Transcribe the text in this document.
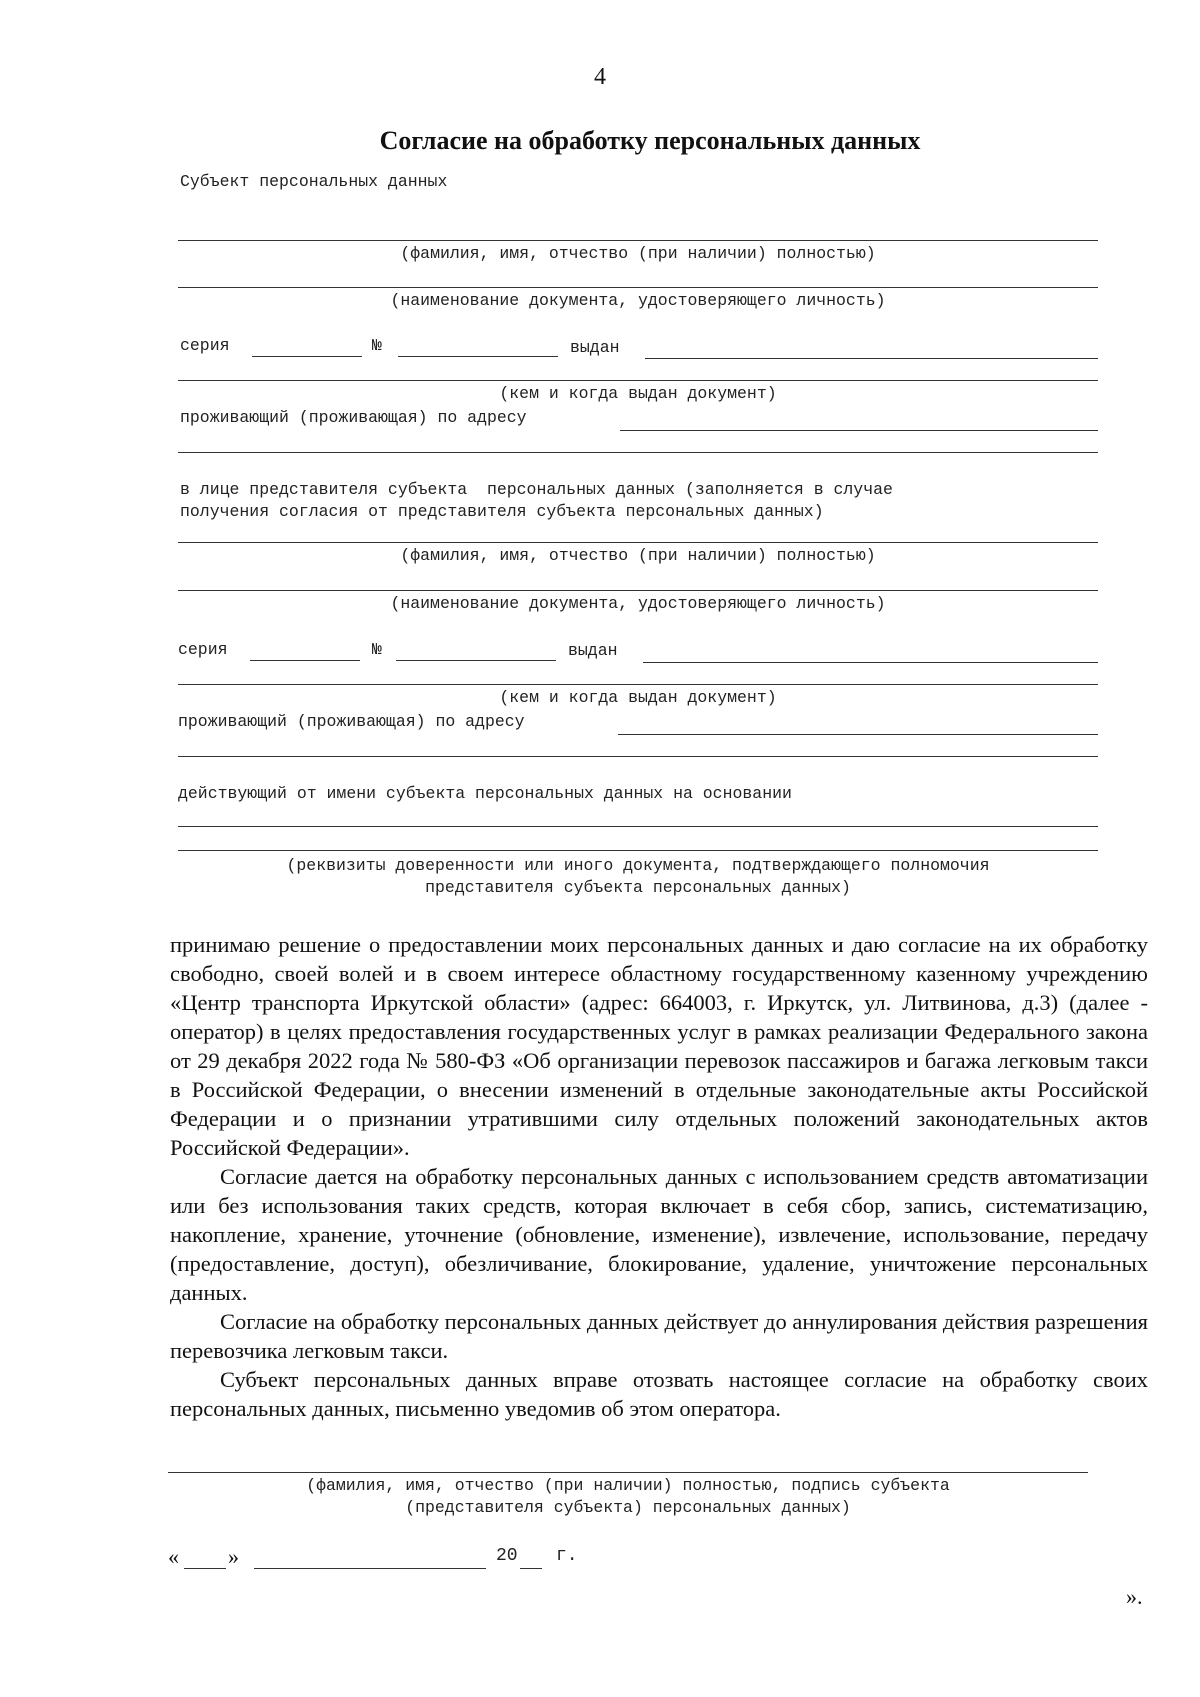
4
Согласие на обработку персональных данных
Субъект персональных данных
(фамилия, имя, отчество (при наличии) полностью)
(наименование документа, удостоверяющего личность)
серия	№	выдан
(кем и когда выдан документ)
проживающий (проживающая) по адресу
в лице представителя субъекта  персональных данных (заполняется в случае
получения согласия от представителя субъекта персональных данных)
(фамилия, имя, отчество (при наличии) полностью)
(наименование документа, удостоверяющего личность)
серия	№	выдан
(кем и когда выдан документ)
проживающий (проживающая) по адресу
действующий от имени субъекта персональных данных на основании
(реквизиты доверенности или иного документа, подтверждающего полномочия
представителя субъекта персональных данных)

принимаю решение о предоставлении моих персональных данных и даю согласие на их обработку свободно, своей волей и в своем интересе областному государственному казенному учреждению «Центр транспорта Иркутской области» (адрес: 664003, г. Иркутск, ул. Литвинова, д.3) (далее - оператор) в целях предоставления государственных услуг в рамках реализации Федерального закона от 29 декабря 2022 года № 580-ФЗ «Об организации перевозок пассажиров и багажа легковым такси в Российской Федерации, о внесении изменений в отдельные законодательные акты Российской Федерации и о признании утратившими силу отдельных положений законодательных актов Российской Федерации».

Согласие дается на обработку персональных данных с использованием средств автоматизации или без использования таких средств, которая включает в себя сбор, запись, систематизацию, накопление, хранение, уточнение (обновление, изменение), извлечение, использование, передачу (предоставление, доступ), обезличивание, блокирование, удаление, уничтожение персональных данных.

Согласие на обработку персональных данных действует до аннулирования действия разрешения перевозчика легковым такси.

Субъект персональных данных вправе отозвать настоящее согласие на обработку своих персональных данных, письменно уведомив об этом оператора.

(фамилия, имя, отчество (при наличии) полностью, подпись субъекта
(представителя субъекта) персональных данных)
« »	20 г.
».
